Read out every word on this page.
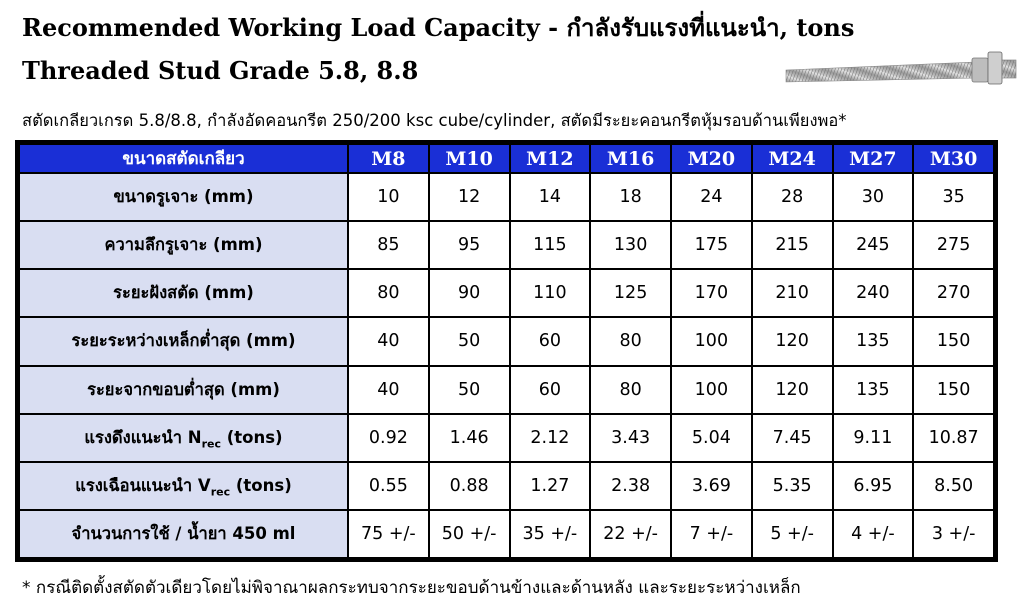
Recommended Working Load Capacity - กำลังรับแรงที่แนะนำ, tons
Threaded Stud Grade 5.8, 8.8
สตัดเกลียวเกรด 5.8/8.8, กำลังอัดคอนกรีต 250/200 ksc cube/cylinder, สตัดมีระยะคอนกรีตหุ้มรอบด้านเพียงพอ*
ขนาดสตัดเกลียว	M8	M10	M12	M16	M20	M24	M27	M30
ขนาดรูเจาะ (mm)	10	12	14	18	24	28	30	35
ความลึกรูเจาะ (mm)	85	95	115	130	175	215	245	275
ระยะฝังสตัด (mm)	80	90	110	125	170	210	240	270
ระยะระหว่างเหล็กต่ำสุด (mm)	40	50	60	80	100	120	135	150
ระยะจากขอบต่ำสุด (mm)	40	50	60	80	100	120	135	150
แรงดึงแนะนำ $N_{rec}$ (tons)	0.92	1.46	2.12	3.43	5.04	7.45	9.11	10.87
แรงเฉือนแนะนำ $V_{rec}$ (tons)	0.55	0.88	1.27	2.38	3.69	5.35	6.95	8.50
จำนวนการใช้ / น้ำยา 450 ml	75 +/-	50 +/-	35 +/-	22 +/-	7 +/-	5 +/-	4 +/-	3 +/-
* กรณีติดตั้งสตัดตัวเดียวโดยไม่พิจาณาผลกระทบจากระยะขอบด้านข้างและด้านหลัง และระยะระหว่างเหล็ก
